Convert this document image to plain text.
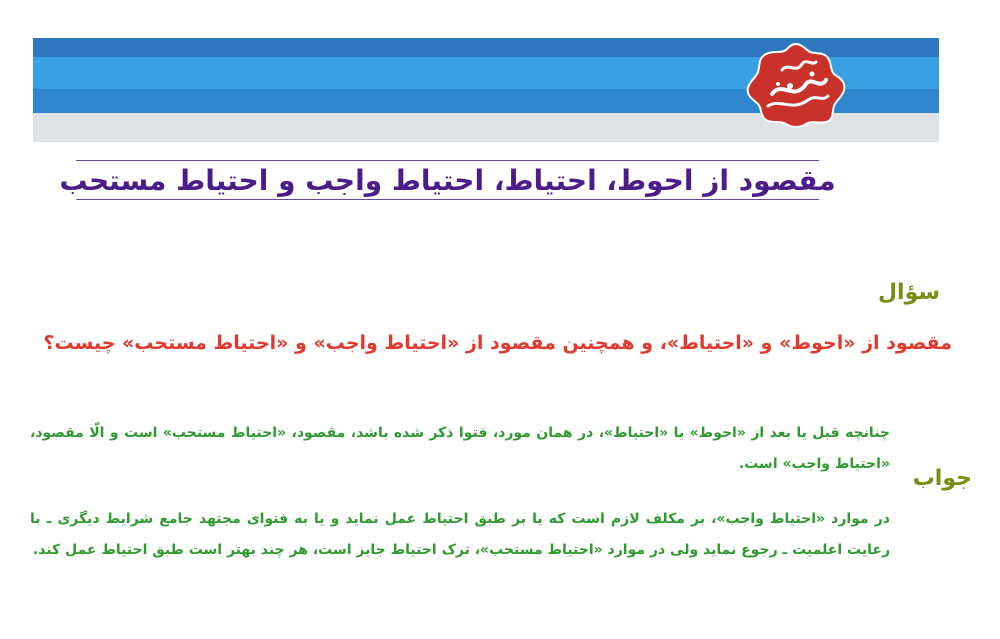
مقصود از احوط، احتیاط، احتیاط واجب و احتیاط مستحب
سؤال
مقصود از «احوط» و «احتیاط»، و همچنین مقصود از «احتیاط واجب» و «احتیاط مستحب» چیست؟
جواب
چنانچه قبل یا بعد از «احوط» یا «احتیاط»، در همان مورد، فتوا ذکر شده باشد، مقصود، «احتیاط مستحب» است و الّا مقصود، «احتیاط واجب» است.
در موارد «احتیاط واجب»، بر مکلف لازم است که یا بر طبق احتیاط عمل نماید و یا به فتوای مجتهد جامع شرایط دیگری ـ با رعایت اعلمیت ـ رجوع نماید ولی در موارد «احتیاط مستحب»، ترک احتیاط جایز است، هر چند بهتر است طبق احتیاط عمل کند.
